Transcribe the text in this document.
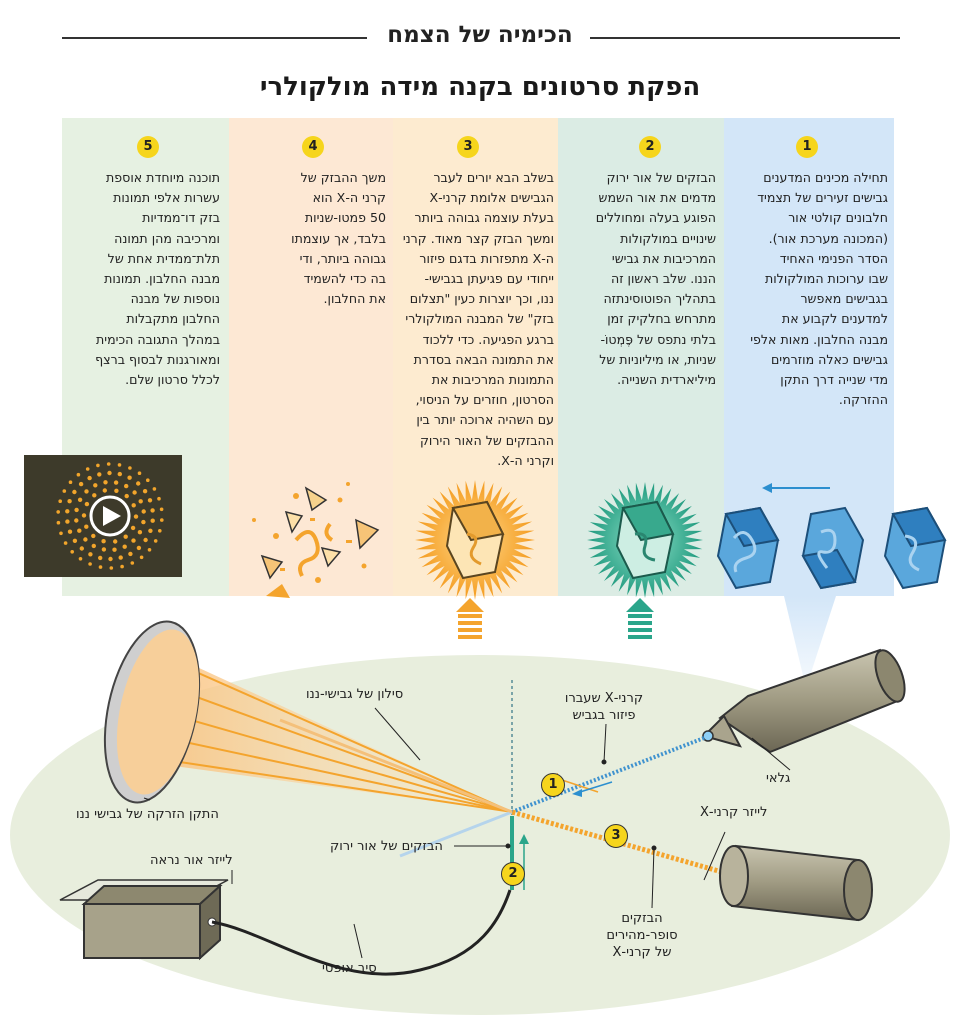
הכימיה של הצמח
הפקת סרטונים בקנה מידה מולקולרי
1
2
3
4
5
תחילה מכינים המדענים
גבישים זעירים של תצמיד
חלבונים קולטי אור
(המכונה מערכת אור).
הסדר הפנימי האחיד
שבו ערוכות המולקולות
בגבישים מאפשר
למדענים לקבוע את
מבנה החלבון. מאות אלפי
גבישים כאלה מוזרמים
מדי שנייה דרך התקן
ההזרקה.
הבזקים של אור ירוק
מדמים את אור השמש
הפוגע בעלה ומחוללים
שינויים במולקולות
המרכיבות את גבישי
הננו. שלב ראשון זה
בתהליך הפוטוסינתזה
מתרחש בחלקיק זמן
בלתי נתפס של פֶּמְטוֹ-
שניות, או מיליוניות של
מיליארדית השנייה.
בשלב הבא יורים לעבר
הגבישים אלומת קרני-X
בעלת עוצמה גבוהה ביותר
ומשך הבזק קצר מאוד. קרני
ה-X מתפזרות בדגם פיזור
ייחודי עם פגיעתן בגבישי-
ננו, וכך יוצרות כעין "תצלום
בזק" של המבנה המולקולרי
ברגע הפגיעה. כדי ללכוד
את התמונה הבאה בסדרת
התמונות המרכיבות את
הסרטון, חוזרים על הניסוי,
עם השהיה ארוכה יותר בין
ההבזקים של האור הירוק
וקרני ה-X.
משך ההבזק של
קרני ה-X הוא
50 פמטו-שניות
בלבד, אך עוצמתו
גבוהה ביותר, ודי
בה כדי להשמיד
את החלבון.
תוכנה מיוחדת אוספת
עשרות אלפי תמונות
בזק דו־ממדיות
ומרכיבה מהן תמונה
תלת־ממדית אחת של
מבנה החלבון. תמונות
נוספות של מבנה
החלבון מתקבלות
במהלך התגובה הכימית
ומאורגנות לבסוף ברצף
לכלל סרטון שלם.
1
2
3
סילון של גבישי-ננו	קרני-X שעברו
פיזור בגביש
גלאי
התקן הזרקה של גבישי ננו	לייזר קרני-X
הבזקים של אור ירוק
לייזר אור נראה
הבזקים
סופר-מהירים
של קרני-X
סיב אופטי
